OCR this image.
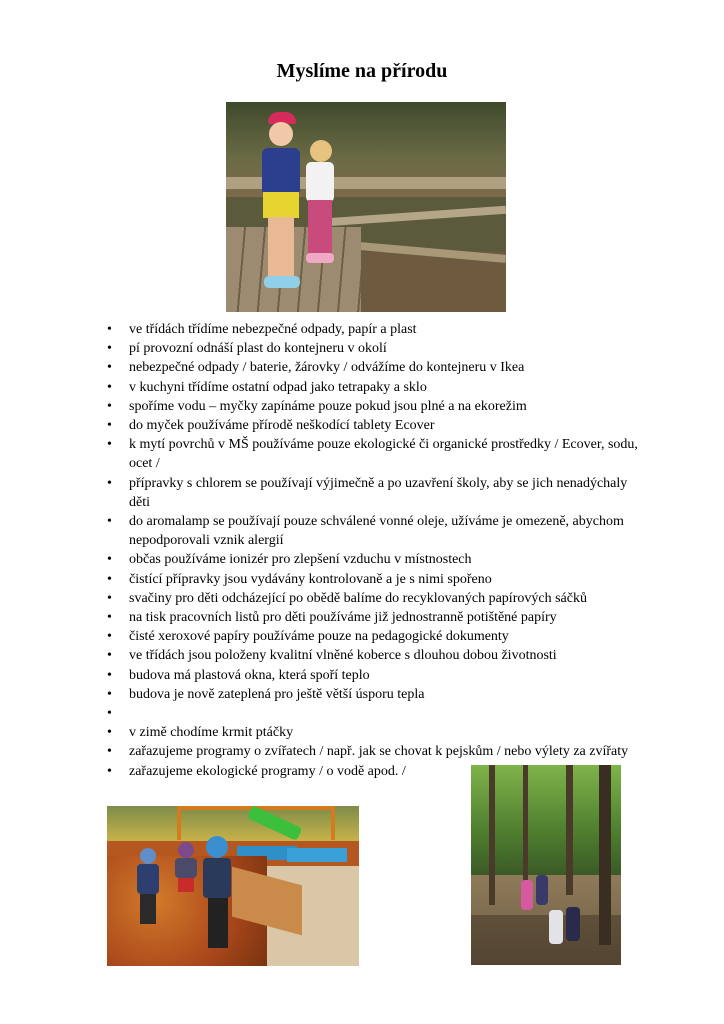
Myslíme na přírodu
• ve třídách třídíme nebezpečné odpady, papír a plast
• pí provozní odnáší plast do kontejneru v okolí
• nebezpečné odpady / baterie, žárovky / odvážíme do kontejneru v Ikea
• v kuchyni třídíme ostatní odpad jako tetrapaky a sklo
• spoříme vodu – myčky zapínáme pouze pokud jsou plné a na ekorežim
• do myček používáme přírodě neškodící tablety Ecover
• k mytí povrchů v MŠ používáme pouze ekologické či organické prostředky / Ecover, sodu, ocet /
• přípravky s chlorem se používají výjimečně a po uzavření školy, aby se jich nenadýchaly děti
• do aromalamp se používají pouze schválené vonné oleje, užíváme je omezeně, abychom nepodporovali vznik alergií
• občas používáme ionizér pro zlepšení vzduchu v místnostech
• čistící přípravky jsou vydávány kontrolovaně a je s nimi spořeno
• svačiny pro děti odcházející po obědě balíme do recyklovaných papírových sáčků
• na tisk pracovních listů pro děti používáme již jednostranně potištěné papíry
• čisté xeroxové papíry používáme pouze na pedagogické dokumenty
• ve třídách jsou položeny kvalitní vlněné koberce s dlouhou dobou životnosti
• budova má plastová okna, která spoří teplo
• budova je nově zateplená pro ještě větší úsporu tepla
•
• v zimě chodíme krmit ptáčky
• zařazujeme programy o zvířatech / např. jak se chovat k pejskům / nebo výlety za zvířaty
• zařazujeme ekologické programy / o vodě apod. /
